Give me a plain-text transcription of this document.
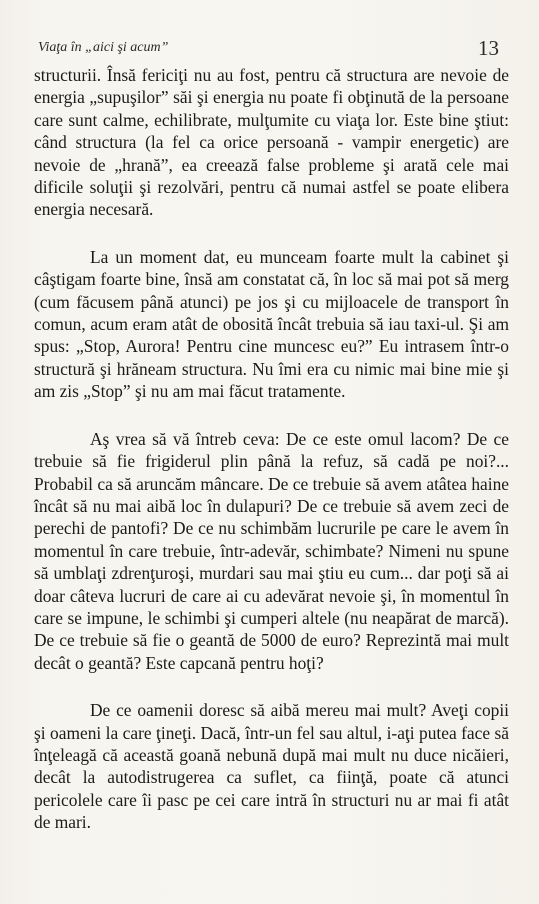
Viaţa în „aici şi acum”	13

structurii. Însă fericiţi nu au fost, pentru că structura are nevoie de energia „supuşilor” săi şi energia nu poate fi obţinută de la persoane care sunt calme, echilibrate, mulţumite cu viaţa lor. Este bine ştiut: când structura (la fel ca orice persoană - vampir energetic) are nevoie de „hrană”, ea creează false probleme şi arată cele mai dificile soluţii şi rezolvări, pentru că numai astfel se poate elibera energia necesară.

La un moment dat, eu munceam foarte mult la cabinet şi câştigam foarte bine, însă am constatat că, în loc să mai pot să merg (cum făcusem până atunci) pe jos şi cu mijloacele de transport în comun, acum eram atât de obosită încât trebuia să iau taxi-ul. Şi am spus: „Stop, Aurora! Pentru cine muncesc eu?” Eu intrasem într-o structură şi hrăneam structura. Nu îmi era cu nimic mai bine mie şi am zis „Stop” şi nu am mai făcut tratamente.

Aş vrea să vă întreb ceva: De ce este omul lacom? De ce trebuie să fie frigiderul plin până la refuz, să cadă pe noi?... Probabil ca să aruncăm mâncare. De ce trebuie să avem atâtea haine încât să nu mai aibă loc în dulapuri? De ce trebuie să avem zeci de perechi de pantofi? De ce nu schimbăm lucrurile pe care le avem în momentul în care trebuie, într-adevăr, schimbate? Nimeni nu spune să umblaţi zdrenţuroşi, murdari sau mai ştiu eu cum... dar poţi să ai doar câteva lucruri de care ai cu adevărat nevoie şi, în momentul în care se impune, le schimbi şi cumperi altele (nu neapărat de marcă). De ce trebuie să fie o geantă de 5000 de euro? Reprezintă mai mult decât o geantă? Este capcană pentru hoţi?

De ce oamenii doresc să aibă mereu mai mult? Aveţi copii şi oameni la care ţineţi. Dacă, într-un fel sau altul, i-aţi putea face să înţeleagă că această goană nebună după mai mult nu duce nicăieri, decât la autodistrugerea ca suflet, ca fiinţă, poate că atunci pericolele care îi pasc pe cei care intră în structuri nu ar mai fi atât de mari.
